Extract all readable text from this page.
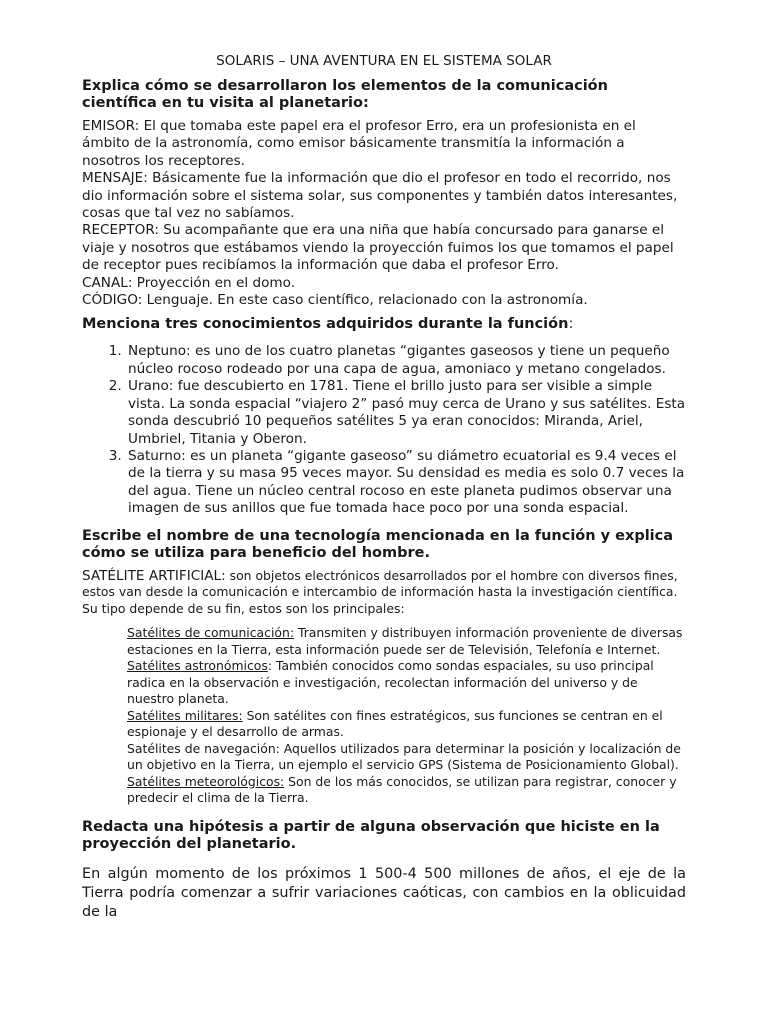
SOLARIS – UNA AVENTURA EN EL SISTEMA SOLAR
Explica cómo se desarrollaron los elementos de la comunicación científica en tu visita al planetario:

EMISOR: El que tomaba este papel era el profesor Erro, era un profesionista en el ámbito de la astronomía, como emisor básicamente transmitía la información a nosotros los receptores.

MENSAJE: Básicamente fue la información que dio el profesor en todo el recorrido, nos dio información sobre el sistema solar, sus componentes y también datos interesantes, cosas que tal vez no sabíamos.

RECEPTOR: Su acompañante que era una niña que había concursado para ganarse el viaje y nosotros que estábamos viendo la proyección fuimos los que tomamos el papel de receptor pues recibíamos la información que daba el profesor Erro.

CANAL: Proyección en el domo.

CÓDIGO: Lenguaje. En este caso científico, relacionado con la astronomía.

Menciona tres conocimientos adquiridos durante la función:
1. Neptuno: es uno de los cuatro planetas “gigantes gaseosos y tiene un pequeño núcleo rocoso rodeado por una capa de agua, amoniaco y metano congelados.
2. Urano: fue descubierto en 1781. Tiene el brillo justo para ser visible a simple vista. La sonda espacial “viajero 2” pasó muy cerca de Urano y sus satélites. Esta sonda descubrió 10 pequeños satélites 5 ya eran conocidos: Miranda, Ariel, Umbriel, Titania y Oberon.
3. Saturno: es un planeta “gigante gaseoso” su diámetro ecuatorial es 9.4 veces el de la tierra y su masa 95 veces mayor. Su densidad es media es solo 0.7 veces la del agua. Tiene un núcleo central rocoso en este planeta pudimos observar una imagen de sus anillos que fue tomada hace poco por una sonda espacial.
Escribe el nombre de una tecnología mencionada en la función y explica cómo se utiliza para beneficio del hombre.

SATÉLITE ARTIFICIAL: son objetos electrónicos desarrollados por el hombre con diversos fines, estos van desde la comunicación e intercambio de información hasta la investigación científica.

Su tipo depende de su fin, estos son los principales:

Satélites de comunicación: Transmiten y distribuyen información proveniente de diversas estaciones en la Tierra, esta información puede ser de Televisión, Telefonía e Internet.

Satélites astronómicos: También conocidos como sondas espaciales, su uso principal radica en la observación e investigación, recolectan información del universo y de nuestro planeta.

Satélites militares: Son satélites con fines estratégicos, sus funciones se centran en el espionaje y el desarrollo de armas.

Satélites de navegación: Aquellos utilizados para determinar la posición y localización de un objetivo en la Tierra, un ejemplo el servicio GPS (Sistema de Posicionamiento Global).

Satélites meteorológicos: Son de los más conocidos, se utilizan para registrar, conocer y predecir el clima de la Tierra.

Redacta una hipótesis a partir de alguna observación que hiciste en la proyección del planetario.

En algún momento de los próximos 1 500-4 500 millones de años, el eje de la Tierra podría comenzar a sufrir variaciones caóticas, con cambios en la oblicuidad de la
